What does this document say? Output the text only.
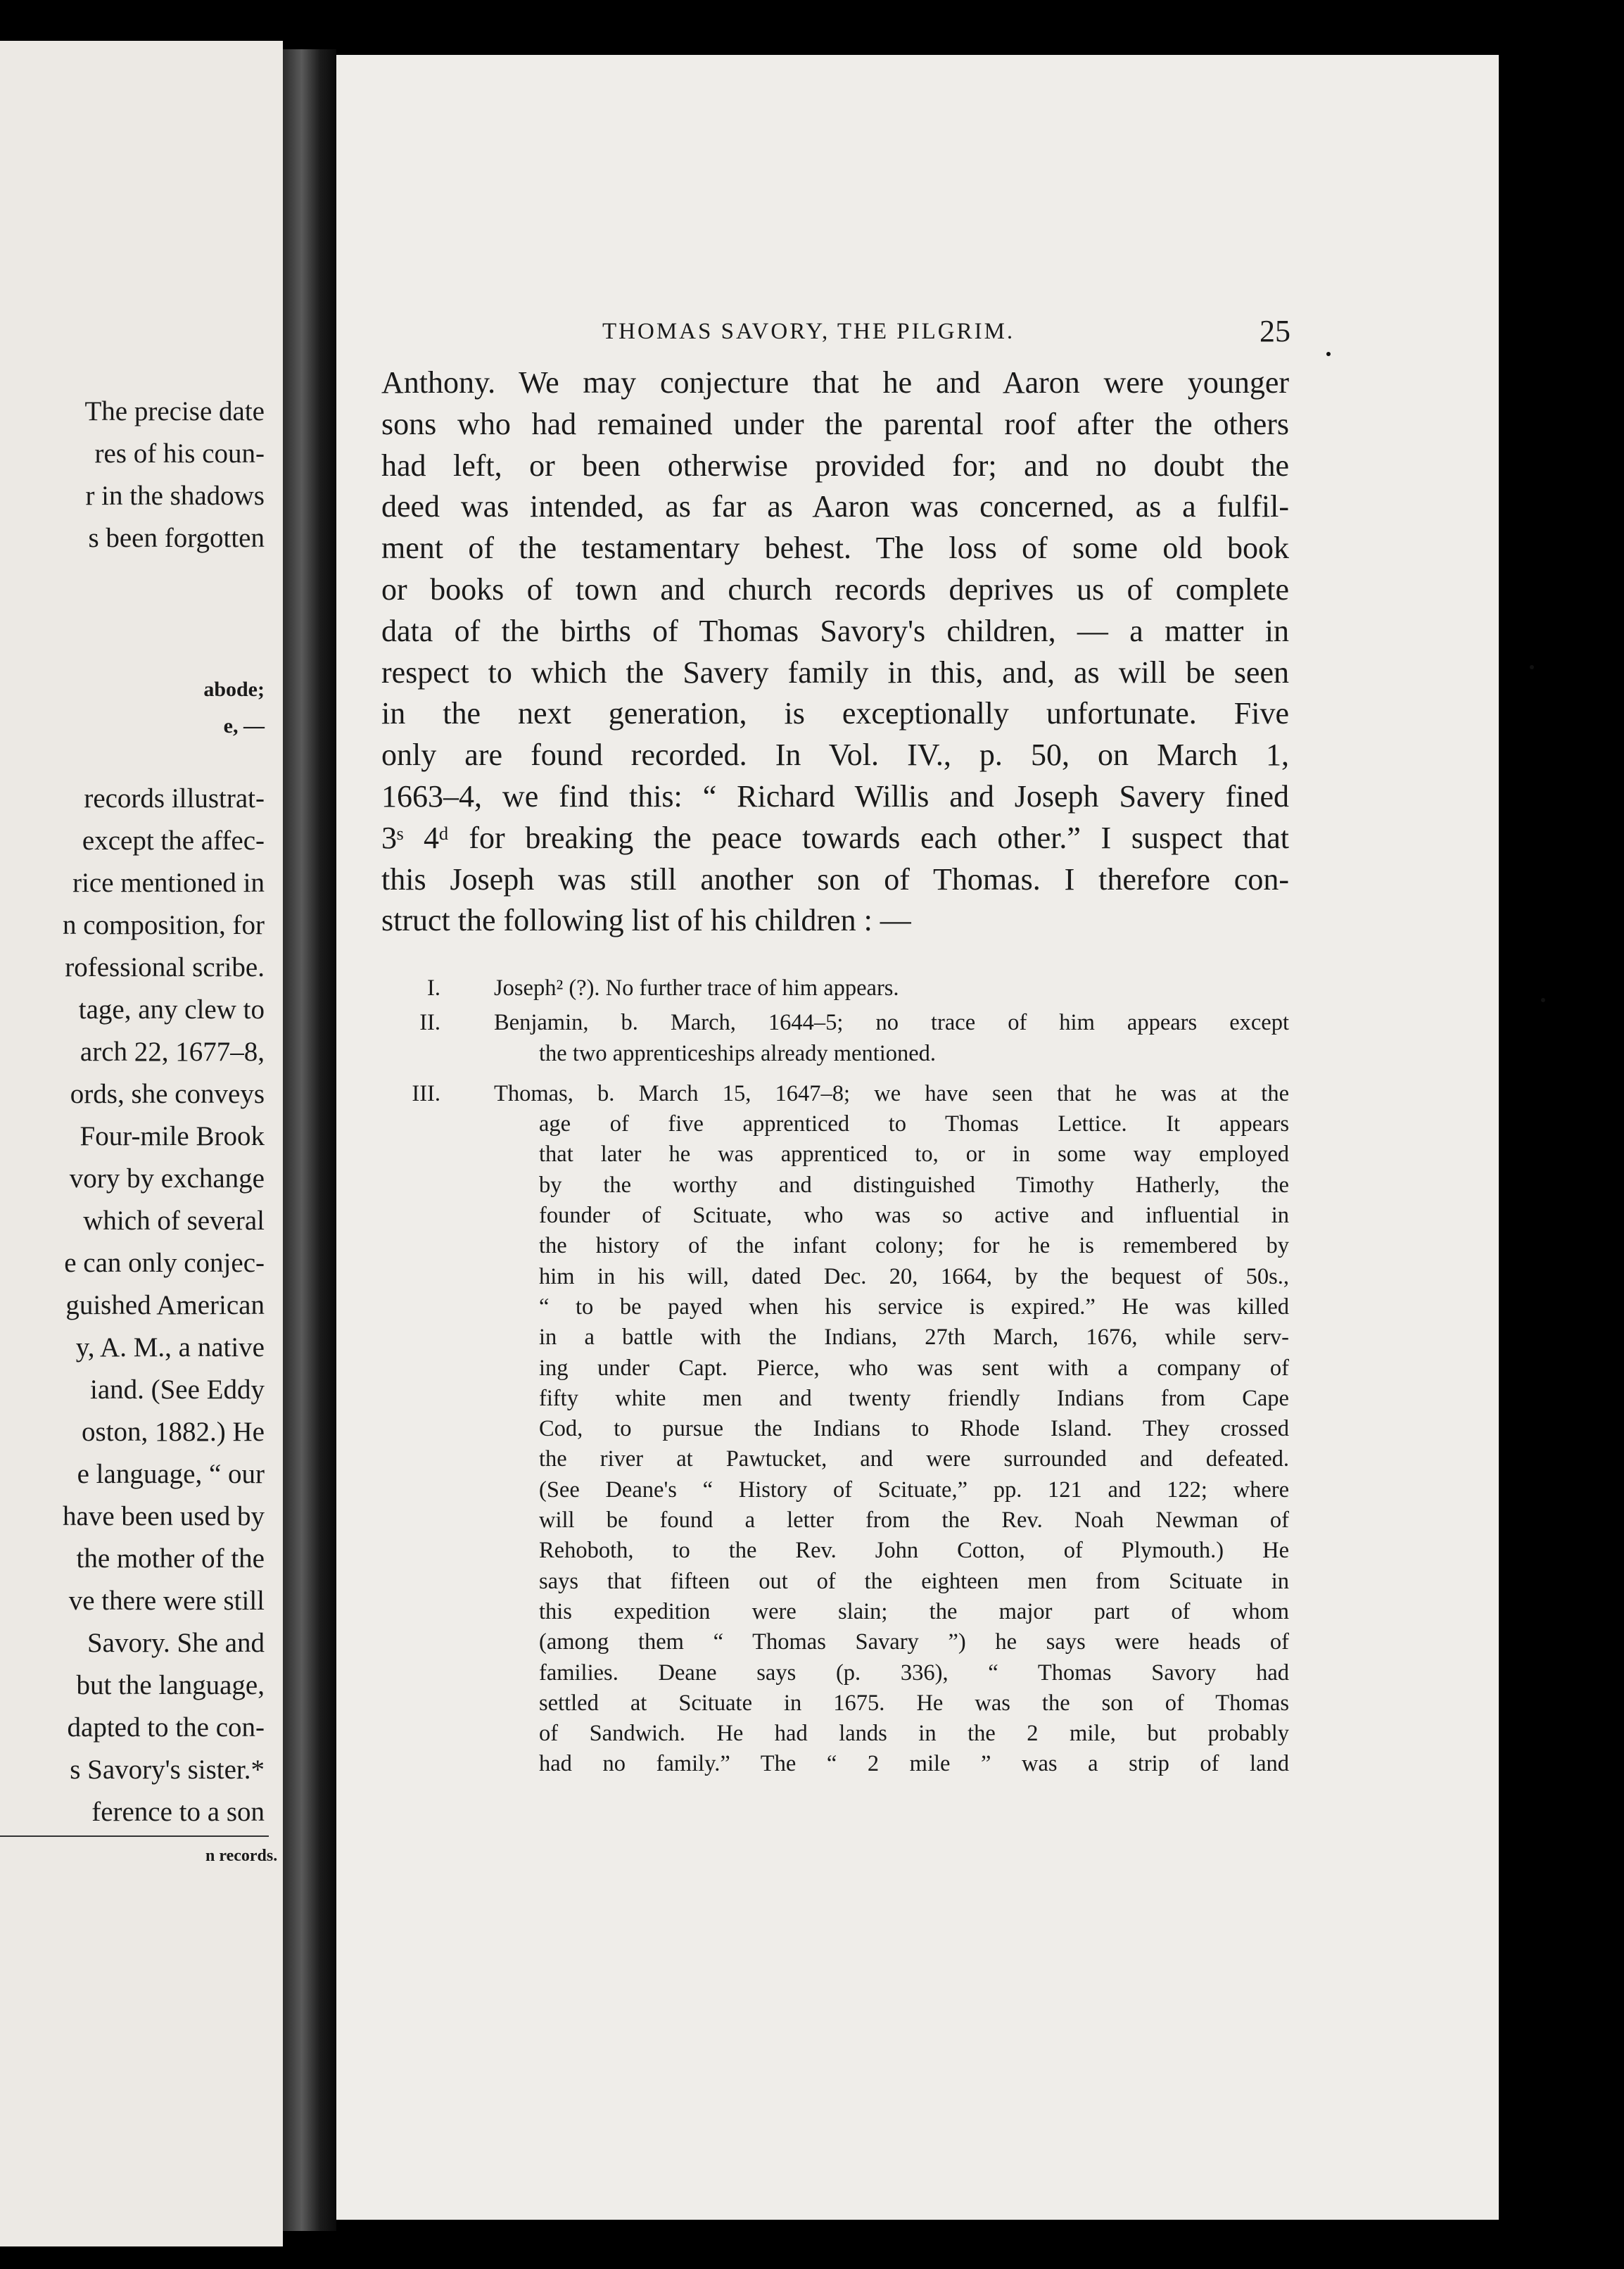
The precise date
res of his coun-
r in the shadows
s been forgotten
abode;
e, —
records illustrat-
except the affec-
rice mentioned in
n composition, for
rofessional scribe.
tage, any clew to
arch 22, 1677–8,
ords, she conveys
Four-mile Brook
vory by exchange
which of several
e can only conjec-
guished American
y, A. M., a native
iand. (See Eddy
oston, 1882.) He
e language, “ our
have been used by
the mother of the
ve there were still
Savory. She and
but the language,
dapted to the con-
s Savory's sister.*
ference to a son
n records.
THOMAS SAVORY, THE PILGRIM.	25
Anthony. We may conjecture that he and Aaron were younger
sons who had remained under the parental roof after the others
had left, or been otherwise provided for; and no doubt the
deed was intended, as far as Aaron was concerned, as a fulfil-
ment of the testamentary behest. The loss of some old book
or books of town and church records deprives us of complete
data of the births of Thomas Savory's children, — a matter in
respect to which the Savery family in this, and, as will be seen
in the next generation, is exceptionally unfortunate. Five
only are found recorded. In Vol. IV., p. 50, on March 1,
1663–4, we find this: “ Richard Willis and Joseph Savery fined
3ˢ 4ᵈ for breaking the peace towards each other.” I suspect that
this Joseph was still another son of Thomas. I therefore con-
struct the following list of his children : —
I. Joseph² (?). No further trace of him appears.
II. Benjamin, b. March, 1644–5; no trace of him appears except
the two apprenticeships already mentioned.
III. Thomas, b. March 15, 1647–8; we have seen that he was at the
age of five apprenticed to Thomas Lettice. It appears
that later he was apprenticed to, or in some way employed
by the worthy and distinguished Timothy Hatherly, the
founder of Scituate, who was so active and influential in
the history of the infant colony; for he is remembered by
him in his will, dated Dec. 20, 1664, by the bequest of 50s.,
“ to be payed when his service is expired.” He was killed
in a battle with the Indians, 27th March, 1676, while serv-
ing under Capt. Pierce, who was sent with a company of
fifty white men and twenty friendly Indians from Cape
Cod, to pursue the Indians to Rhode Island. They crossed
the river at Pawtucket, and were surrounded and defeated.
(See Deane's “ History of Scituate,” pp. 121 and 122; where
will be found a letter from the Rev. Noah Newman of
Rehoboth, to the Rev. John Cotton, of Plymouth.) He
says that fifteen out of the eighteen men from Scituate in
this expedition were slain; the major part of whom
(among them “ Thomas Savary ”) he says were heads of
families. Deane says (p. 336), “ Thomas Savory had
settled at Scituate in 1675. He was the son of Thomas
of Sandwich. He had lands in the 2 mile, but probably
had no family.” The “ 2 mile ” was a strip of land
